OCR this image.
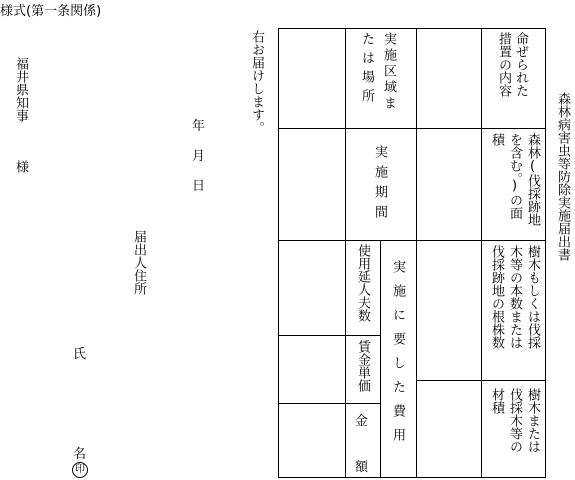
様式(第一条関係)
森林病害虫等防除実施届出書
福井県知事
様
年
月
日
届出人住所
氏
名
印
右お届けします。	命ぜられた
措置の内容
実施区域ま
たは場所
森林(伐採跡地
を含む。)の面
積
実施期間
樹木もしくは伐採
木等の本数または
伐採跡地の根株数
樹木または
伐採木等の
材積
実施に要した費用
使用延人夫数
賃金単価
金
額
